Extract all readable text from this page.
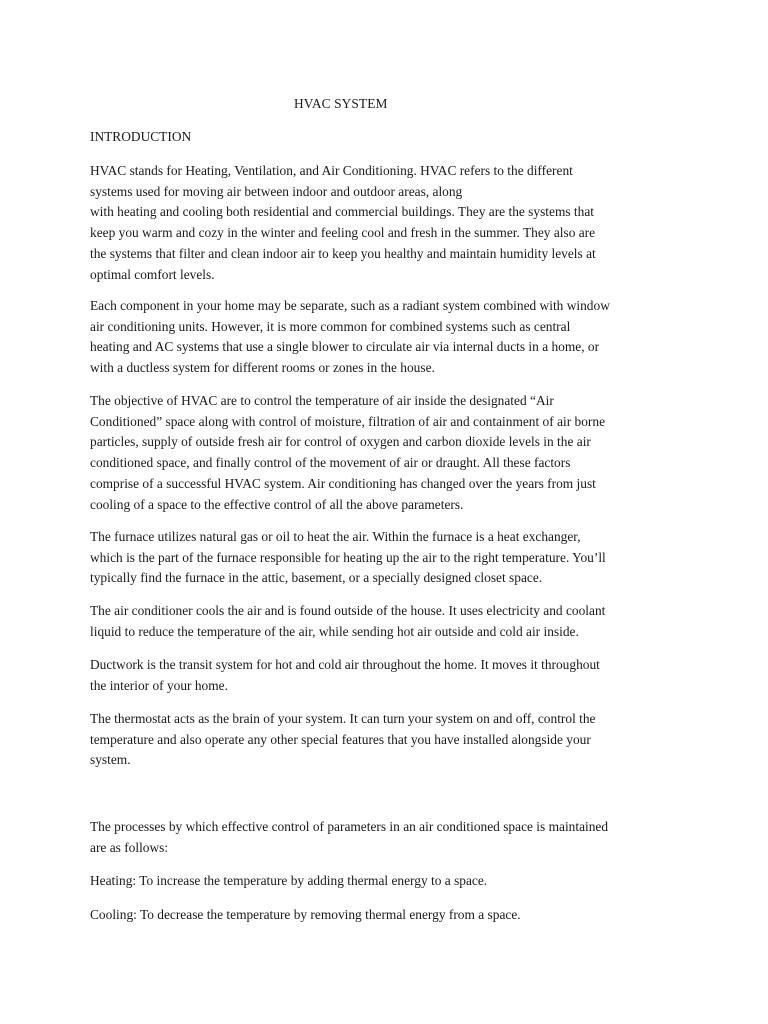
HVAC SYSTEM
INTRODUCTION

HVAC stands for Heating, Ventilation, and Air Conditioning. HVAC refers to the different
systems used for moving air between indoor and outdoor areas, along
with heating and cooling both residential and commercial buildings. They are the systems that
keep you warm and cozy in the winter and feeling cool and fresh in the summer. They also are
the systems that filter and clean indoor air to keep you healthy and maintain humidity levels at
optimal comfort levels.

Each component in your home may be separate, such as a radiant system combined with window
air conditioning units. However, it is more common for combined systems such as central
heating and AC systems that use a single blower to circulate air via internal ducts in a home, or
with a ductless system for different rooms or zones in the house.

The objective of HVAC are to control the temperature of air inside the designated “Air
Conditioned” space along with control of moisture, filtration of air and containment of air borne
particles, supply of outside fresh air for control of oxygen and carbon dioxide levels in the air
conditioned space, and finally control of the movement of air or draught. All these factors
comprise of a successful HVAC system. Air conditioning has changed over the years from just
cooling of a space to the effective control of all the above parameters.

The furnace utilizes natural gas or oil to heat the air. Within the furnace is a heat exchanger,
which is the part of the furnace responsible for heating up the air to the right temperature. You’ll
typically find the furnace in the attic, basement, or a specially designed closet space.

The air conditioner cools the air and is found outside of the house. It uses electricity and coolant
liquid to reduce the temperature of the air, while sending hot air outside and cold air inside.

Ductwork is the transit system for hot and cold air throughout the home. It moves it throughout
the interior of your home.

The thermostat acts as the brain of your system. It can turn your system on and off, control the
temperature and also operate any other special features that you have installed alongside your
system.

The processes by which effective control of parameters in an air conditioned space is maintained
are as follows:

Heating: To increase the temperature by adding thermal energy to a space.

Cooling: To decrease the temperature by removing thermal energy from a space.
